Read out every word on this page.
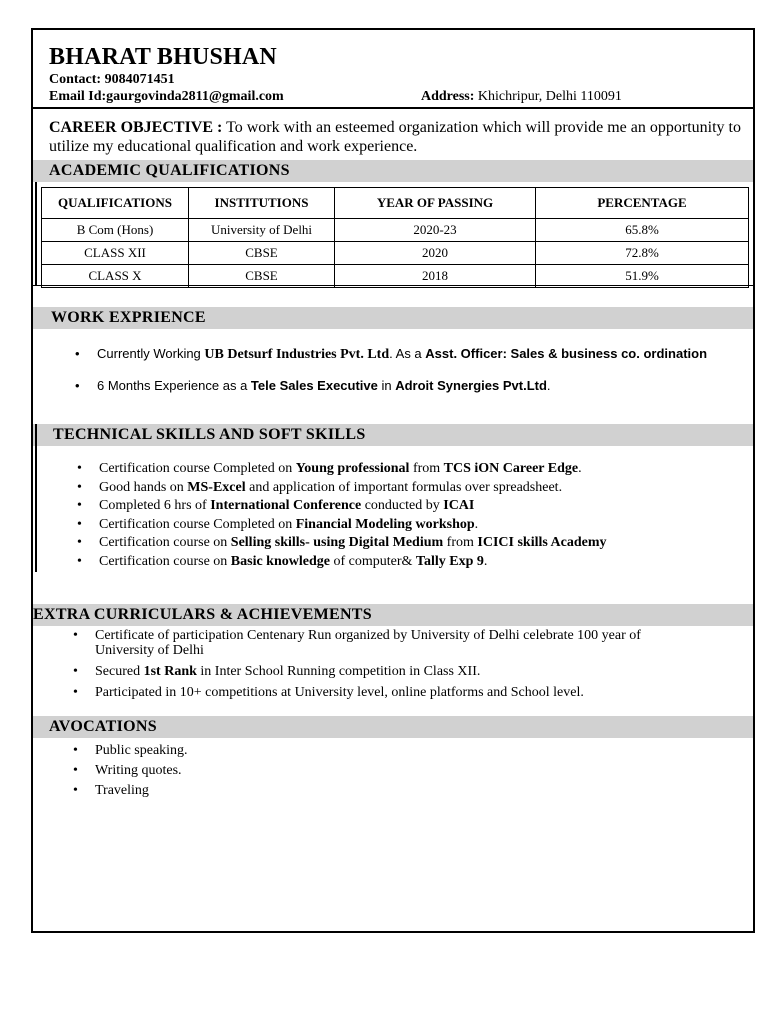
BHARAT BHUSHAN
Contact: 9084071451
Email Id:gaurgovinda2811@gmail.com	Address: Khichripur, Delhi 110091
CAREER OBJECTIVE : To work with an esteemed organization which will provide me an opportunity to utilize my educational qualification and work experience.
ACADEMIC QUALIFICATIONS
QUALIFICATIONS	INSTITUTIONS	YEAR OF PASSING	PERCENTAGE
B Com (Hons)	University of Delhi	2020-23	65.8%
CLASS XII	CBSE	2020	72.8%
CLASS X	CBSE	2018	51.9%
WORK EXPRIENCE
• Currently Working UB Detsurf Industries Pvt. Ltd. As a Asst. Officer: Sales & business co. ordination
• 6 Months Experience as a Tele Sales Executive in Adroit Synergies Pvt.Ltd.
TECHNICAL SKILLS AND SOFT SKILLS
• Certification course Completed on Young professional from TCS iON Career Edge.
• Good hands on MS-Excel and application of important formulas over spreadsheet.
• Completed 6 hrs of International Conference conducted by ICAI
• Certification course Completed on Financial Modeling workshop.
• Certification course on Selling skills- using Digital Medium from ICICI skills Academy
• Certification course on Basic knowledge of computer& Tally Exp 9.
EXTRA CURRICULARS & ACHIEVEMENTS
• Certificate of participation Centenary Run organized by University of Delhi celebrate 100 year of University of Delhi
• Secured 1st Rank in Inter School Running competition in Class XII.
• Participated in 10+ competitions at University level, online platforms and School level.
AVOCATIONS
• Public speaking.
• Writing quotes.
• Traveling
